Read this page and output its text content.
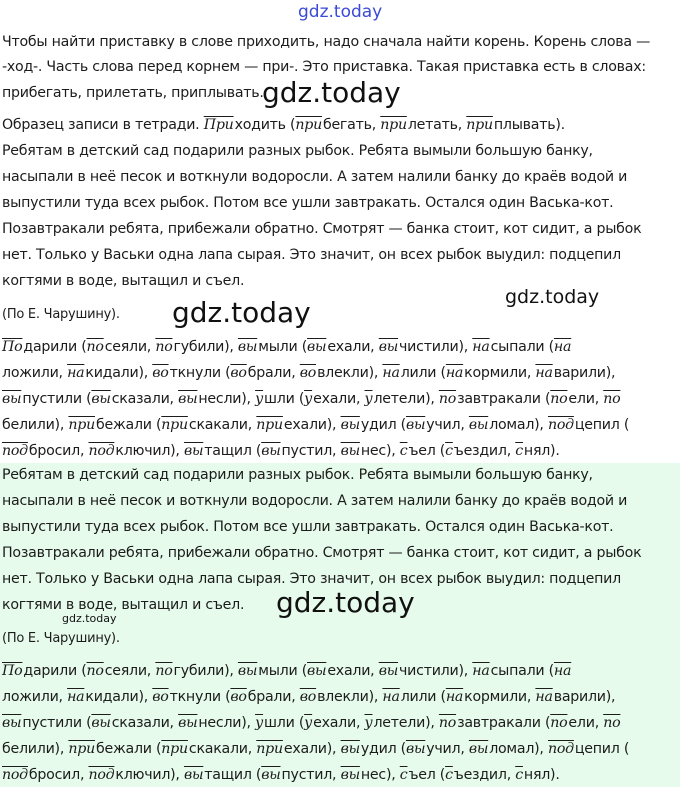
gdz.today
Чтобы найти приставку в слове приходить, надо сначала найти корень. Корень слова —
-ход-. Часть слова перед корнем — при-. Это приставка. Такая приставка есть в словах:
прибегать, прилетать, приплывать.
gdz.today
Образец записи в тетради. Приходить (прибегать, прилетать, приплывать).
Ребятам в детский сад подарили разных рыбок. Ребята вымыли большую банку,
насыпали в неё песок и воткнули водоросли. А затем налили банку до краёв водой и
выпустили туда всех рыбок. Потом все ушли завтракать. Остался один Васька-кот.
Позавтракали ребята, прибежали обратно. Смотрят — банка стоит, кот сидит, а рыбок
нет. Только у Васьки одна лапа сырая. Это значит, он всех рыбок выудил: подцепил
когтями в воде, вытащил и съел.
(По Е. Чарушину).	gdz.today	gdz.today
Подарили (посеяли, погубили), вымыли (выехали, вычистили), насыпали (на
ложили, накидали), воткнули (вобрали, вовлекли), налили (накормили, наварили),
выпустили (высказали, вынесли), ушли (уехали, улетели), позавтракали (поели, по
белили), прибежали (прискакали, приехали), выудил (выучил, выломал), подцепил (
подбросил, подключил), вытащил (выпустил, вынес), съел (съездил, снял).
Ребятам в детский сад подарили разных рыбок. Ребята вымыли большую банку,
насыпали в неё песок и воткнули водоросли. А затем налили банку до краёв водой и
выпустили туда всех рыбок. Потом все ушли завтракать. Остался один Васька-кот.
Позавтракали ребята, прибежали обратно. Смотрят — банка стоит, кот сидит, а рыбок
нет. Только у Васьки одна лапа сырая. Это значит, он всех рыбок выудил: подцепил
когтями в воде, вытащил и съел.	gdz.today
gdz.today
(По Е. Чарушину).
Подарили (посеяли, погубили), вымыли (выехали, вычистили), насыпали (на
ложили, накидали), воткнули (вобрали, вовлекли), налили (накормили, наварили),
выпустили (высказали, вынесли), ушли (уехали, улетели), позавтракали (поели, по
белили), прибежали (прискакали, приехали), выудил (выучил, выломал), подцепил (
подбросил, подключил), вытащил (выпустил, вынес), съел (съездил, снял).
